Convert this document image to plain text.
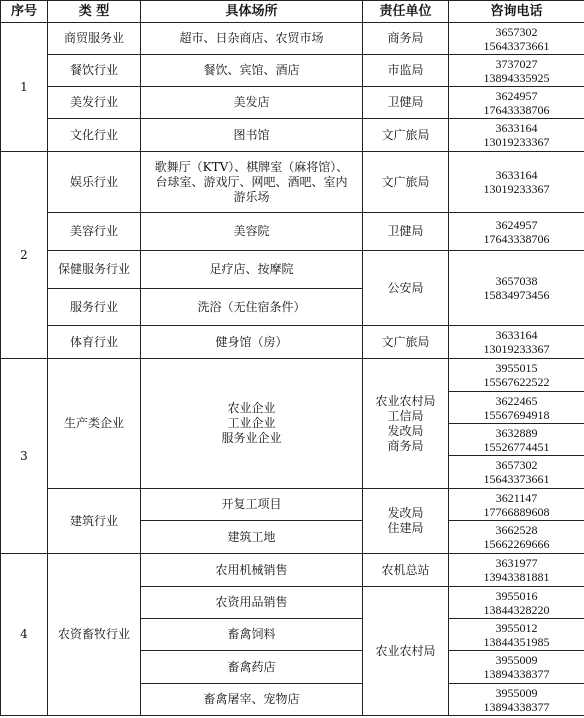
序号	类 型	具体场所	责任单位	咨询电话
1	商贸服务业	超市、日杂商店、农贸市场	商务局	3657302
15643373661

	餐饮行业	餐饮、宾馆、酒店	市监局	3737027
13894335925

	美发行业	美发店	卫健局	3624957
17643338706

	文化行业	图书馆	文广旅局	3633164
13019233367

2	娱乐行业	歌舞厅（KTV）、棋牌室（麻将馆）、
台球室、游戏厅、网吧、酒吧、室内
游乐场	文广旅局	3633164
13019233367

	美容行业	美容院	卫健局	3624957
17643338706

	保健服务行业	足疗店、按摩院	公安局	3657038
15834973456

	服务行业	洗浴（无住宿条件）		
	体育行业	健身馆（房）	文广旅局	3633164
13019233367

3	生产类企业	农业企业
工业企业
服务业企业	农业农村局
工信局
发改局
商务局	3955015
15567622522

				3622465
15567694918

				3632889
15526774451

				3657302
15643373661

	建筑行业	开复工项目	发改局
住建局	3621147
17766889608

		建筑工地		3662528
15662269666

4	农资畜牧行业	农用机械销售	农机总站	3631977
13943381881

		农资用品销售	农业农村局	3955016
13844328220

		畜禽饲料		3955012
13844351985

		畜禽药店		3955009
13894338377

		畜禽屠宰、宠物店		3955009
13894338377
